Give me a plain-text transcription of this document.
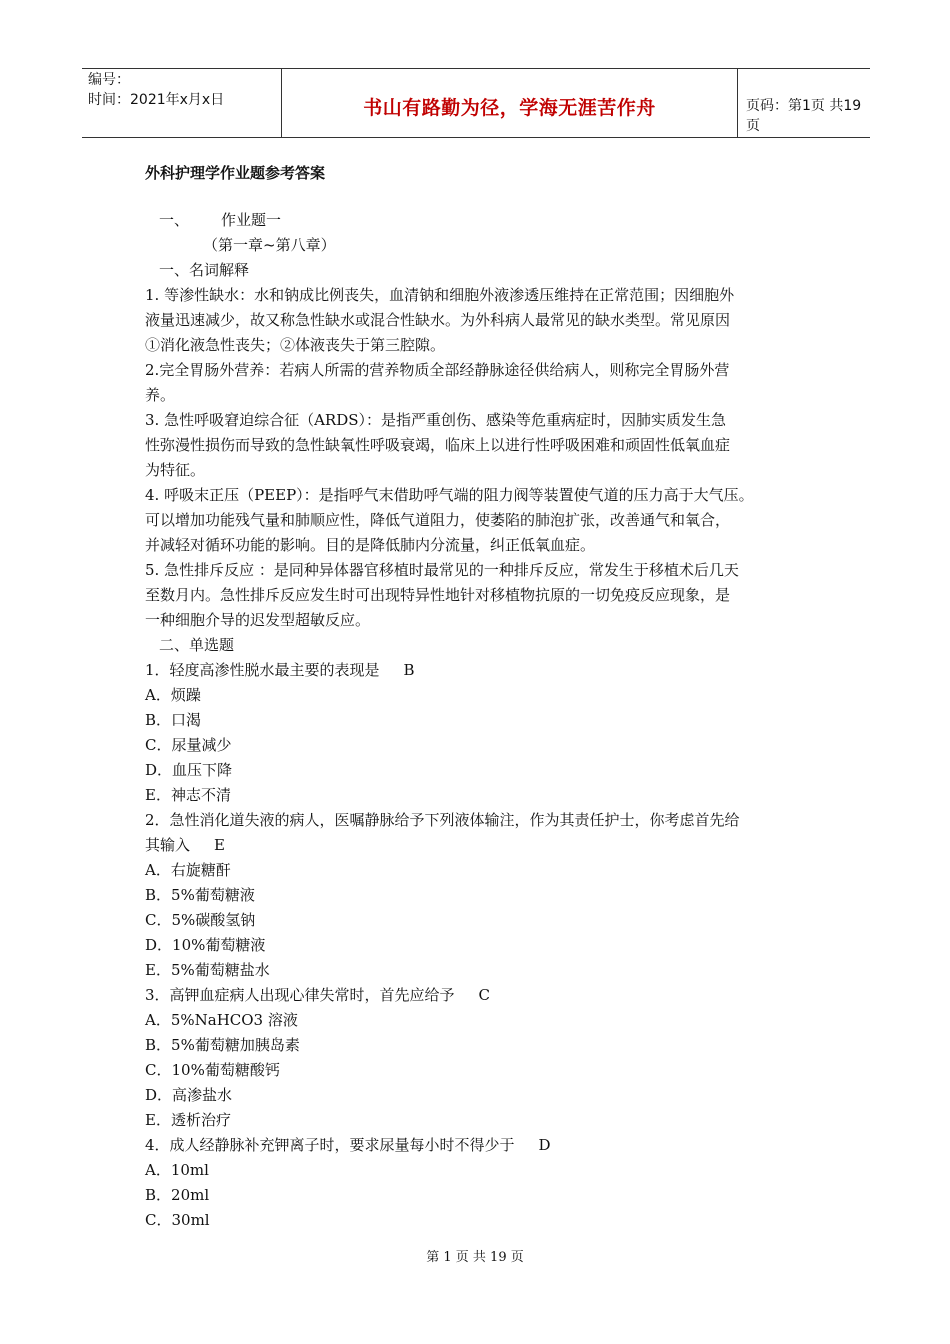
编号：
时间：2021年x月x日	书山有路勤为径，学海无涯苦作舟	页码：第1页 共19页
外科护理学作业题参考答案
一、 作业题一
（第一章~第八章）
一、名词解释
1. 等渗性缺水：水和钠成比例丧失，血清钠和细胞外液渗透压维持在正常范围；因细胞外
液量迅速减少，故又称急性缺水或混合性缺水。为外科病人最常见的缺水类型。常见原因
①消化液急性丧失；②体液丧失于第三腔隙。
2.完全胃肠外营养：若病人所需的营养物质全部经静脉途径供给病人，则称完全胃肠外营
养。
3. 急性呼吸窘迫综合征（ARDS）：是指严重创伤、感染等危重病症时，因肺实质发生急
性弥漫性损伤而导致的急性缺氧性呼吸衰竭，临床上以进行性呼吸困难和顽固性低氧血症
为特征。
4. 呼吸末正压（PEEP）：是指呼气末借助呼气端的阻力阀等装置使气道的压力高于大气压。
可以增加功能残气量和肺顺应性，降低气道阻力，使萎陷的肺泡扩张，改善通气和氧合，
并减轻对循环功能的影响。目的是降低肺内分流量，纠正低氧血症。
5. 急性排斥反应 ：是同种异体器官移植时最常见的一种排斥反应，常发生于移植术后几天
至数月内。急性排斥反应发生时可出现特异性地针对移植物抗原的一切免疫反应现象，是
一种细胞介导的迟发型超敏反应。
二、单选题
1．轻度高渗性脱水最主要的表现是 B
A．烦躁
B．口渴
C．尿量减少
D．血压下降
E．神志不清
2．急性消化道失液的病人，医嘱静脉给予下列液体输注，作为其责任护士，你考虑首先给
其输入 E
A．右旋糖酐
B．5%葡萄糖液
C．5%碳酸氢钠
D．10%葡萄糖液
E．5%葡萄糖盐水
3．高钾血症病人出现心律失常时，首先应给予 C
A．5%NaHCO3 溶液
B．5%葡萄糖加胰岛素
C．10%葡萄糖酸钙
D．高渗盐水
E．透析治疗
4．成人经静脉补充钾离子时，要求尿量每小时不得少于 D
A．10ml
B．20ml
C．30ml
第 1 页 共 19 页
